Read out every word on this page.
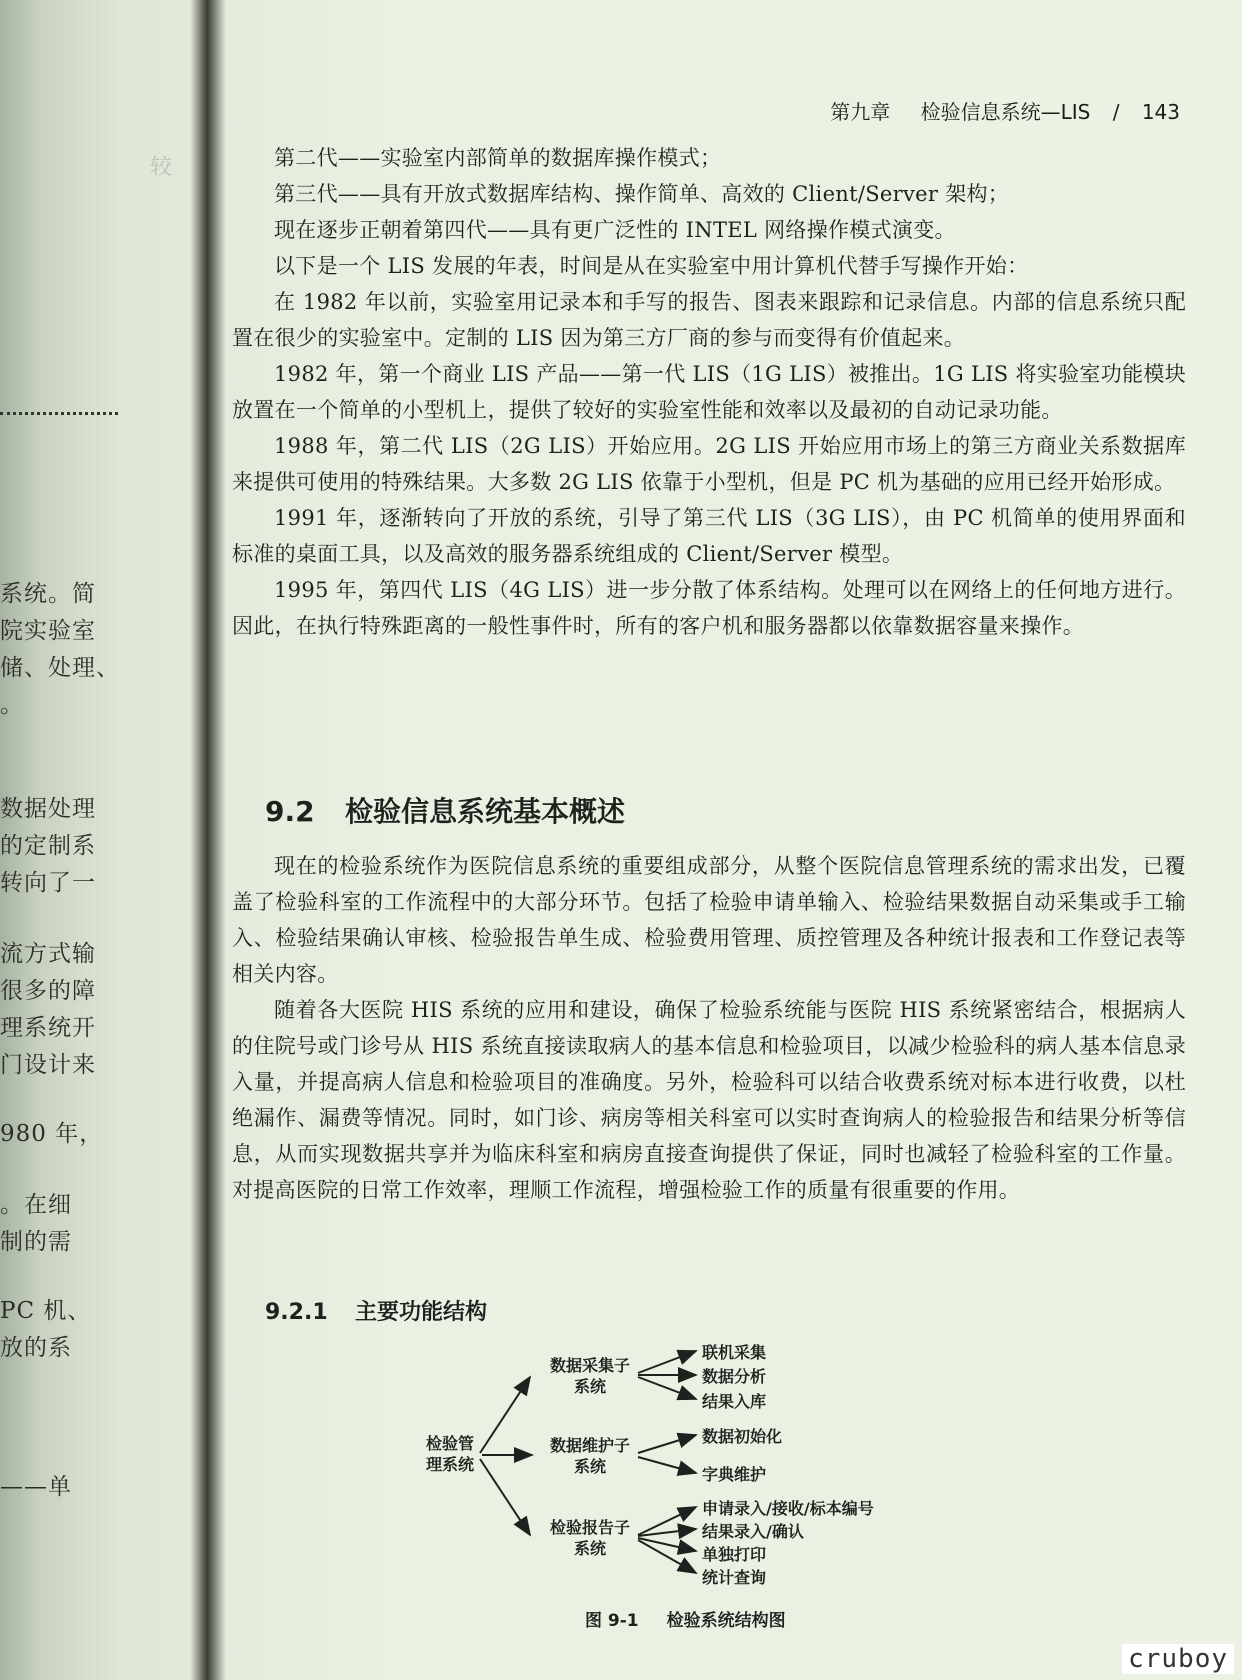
较
系统。简
院实验室
储、处理、
。
数据处理
的定制系
转向了一
流方式输
很多的障
理系统开
门设计来
980 年，
。在细
制的需
PC 机、
放的系
——单
第九章 检验信息系统—LIS / 143

第二代——实验室内部简单的数据库操作模式；

第三代——具有开放式数据库结构、操作简单、高效的 Client/Server 架构；

现在逐步正朝着第四代——具有更广泛性的 INTEL 网络操作模式演变。

以下是一个 LIS 发展的年表，时间是从在实验室中用计算机代替手写操作开始：

在 1982 年以前，实验室用记录本和手写的报告、图表来跟踪和记录信息。内部的信息系统只配置在很少的实验室中。定制的 LIS 因为第三方厂商的参与而变得有价值起来。

1982 年，第一个商业 LIS 产品——第一代 LIS（1G LIS）被推出。1G LIS 将实验室功能模块放置在一个简单的小型机上，提供了较好的实验室性能和效率以及最初的自动记录功能。

1988 年，第二代 LIS（2G LIS）开始应用。2G LIS 开始应用市场上的第三方商业关系数据库来提供可使用的特殊结果。大多数 2G LIS 依靠于小型机，但是 PC 机为基础的应用已经开始形成。

1991 年，逐渐转向了开放的系统，引导了第三代 LIS（3G LIS），由 PC 机简单的使用界面和标准的桌面工具，以及高效的服务器系统组成的 Client/Server 模型。

1995 年，第四代 LIS（4G LIS）进一步分散了体系结构。处理可以在网络上的任何地方进行。因此，在执行特殊距离的一般性事件时，所有的客户机和服务器都以依靠数据容量来操作。

9.2 检验信息系统基本概述

现在的检验系统作为医院信息系统的重要组成部分，从整个医院信息管理系统的需求出发，已覆盖了检验科室的工作流程中的大部分环节。包括了检验申请单输入、检验结果数据自动采集或手工输入、检验结果确认审核、检验报告单生成、检验费用管理、质控管理及各种统计报表和工作登记表等相关内容。

随着各大医院 HIS 系统的应用和建设，确保了检验系统能与医院 HIS 系统紧密结合，根据病人的住院号或门诊号从 HIS 系统直接读取病人的基本信息和检验项目，以减少检验科的病人基本信息录入量，并提高病人信息和检验项目的准确度。另外，检验科可以结合收费系统对标本进行收费，以杜绝漏作、漏费等情况。同时，如门诊、病房等相关科室可以实时查询病人的检验报告和结果分析等信息，从而实现数据共享并为临床科室和病房直接查询提供了保证，同时也减轻了检验科室的工作量。对提高医院的日常工作效率，理顺工作流程，增强检验工作的质量有很重要的作用。

9.2.1 主要功能结构
检验管
理系统
数据采集子
系统
数据维护子
系统
检验报告子
系统
联机采集
数据分析
结果入库
数据初始化
字典维护
申请录入/接收/标本编号
结果录入/确认
单独打印
统计查询
图 9-1 检验系统结构图
cruboy
